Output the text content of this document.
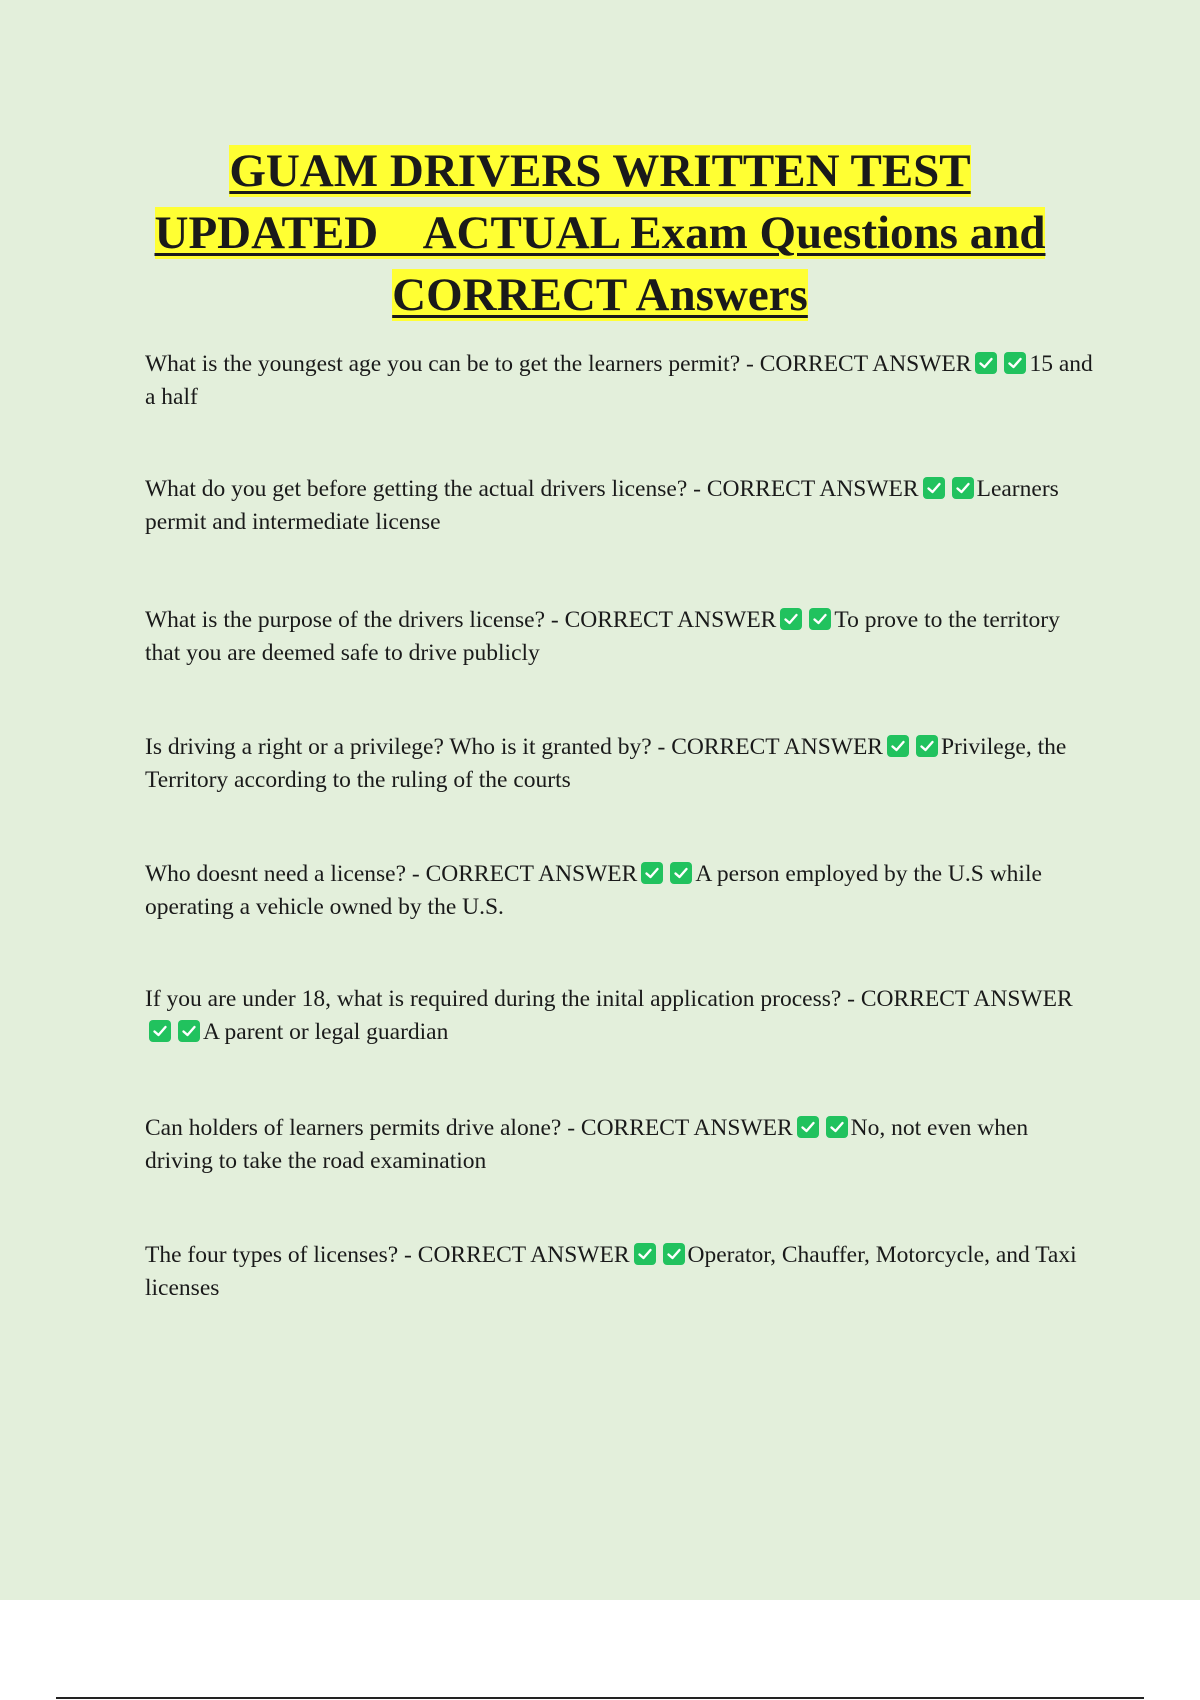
GUAM DRIVERS WRITTEN TEST
UPDATED    ACTUAL Exam Questions and
CORRECT Answers

What is the youngest age you can be to get the learners permit? - CORRECT ANSWER 15 and a half

What do you get before getting the actual drivers license? - CORRECT ANSWER Learners permit and intermediate license

What is the purpose of the drivers license? - CORRECT ANSWER To prove to the territory that you are deemed safe to drive publicly

Is driving a right or a privilege? Who is it granted by? - CORRECT ANSWER Privilege, the Territory according to the ruling of the courts

Who doesnt need a license? - CORRECT ANSWER A person employed by the U.S while operating a vehicle owned by the U.S.

If you are under 18, what is required during the inital application process? - CORRECT ANSWER
A parent or legal guardian

Can holders of learners permits drive alone? - CORRECT ANSWER No, not even when driving to take the road examination

The four types of licenses? - CORRECT ANSWER Operator, Chauffer, Motorcycle, and Taxi licenses
